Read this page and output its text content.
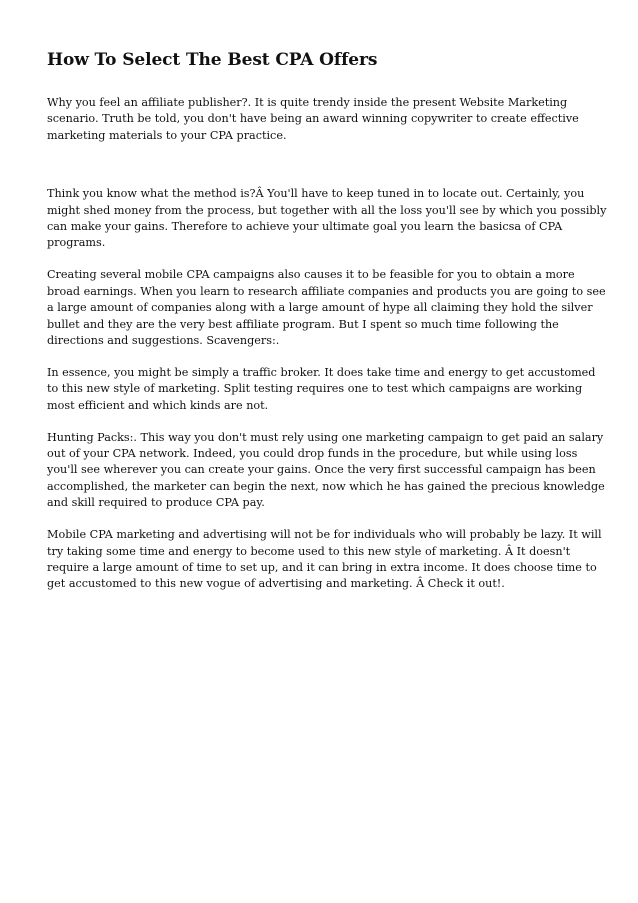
How To Select The Best CPA Offers

Why you feel an affiliate publisher?. It is quite trendy inside the present Website Marketing scenario. Truth be told, you don't have being an award winning copywriter to create effective marketing materials to your CPA practice.

Think you know what the method is?Â You'll have to keep tuned in to locate out. Certainly, you might shed money from the process, but together with all the loss you'll see by which you possibly can make your gains. Therefore to achieve your ultimate goal you learn the basicsa of CPA programs.

Creating several mobile CPA campaigns also causes it to be feasible for you to obtain a more broad earnings. When you learn to research affiliate companies and products you are going to see a large amount of companies along with a large amount of hype all claiming they hold the silver bullet and they are the very best affiliate program. But I spent so much time following the directions and suggestions. Scavengers:.

In essence, you might be simply a traffic broker. It does take time and energy to get accustomed to this new style of marketing. Split testing requires one to test which campaigns are working most efficient and which kinds are not.

Hunting Packs:. This way you don't must rely using one marketing campaign to get paid an salary out of your CPA network. Indeed, you could drop funds in the procedure, but while using loss you'll see wherever you can create your gains. Once the very first successful campaign has been accomplished, the marketer can begin the next, now which he has gained the precious knowledge and skill required to produce CPA pay.

Mobile CPA marketing and advertising will not be for individuals who will probably be lazy. It will try taking some time and energy to become used to this new style of marketing. Â It doesn't require a large amount of time to set up, and it can bring in extra income. It does choose time to get accustomed to this new vogue of advertising and marketing. Â Check it out!.
